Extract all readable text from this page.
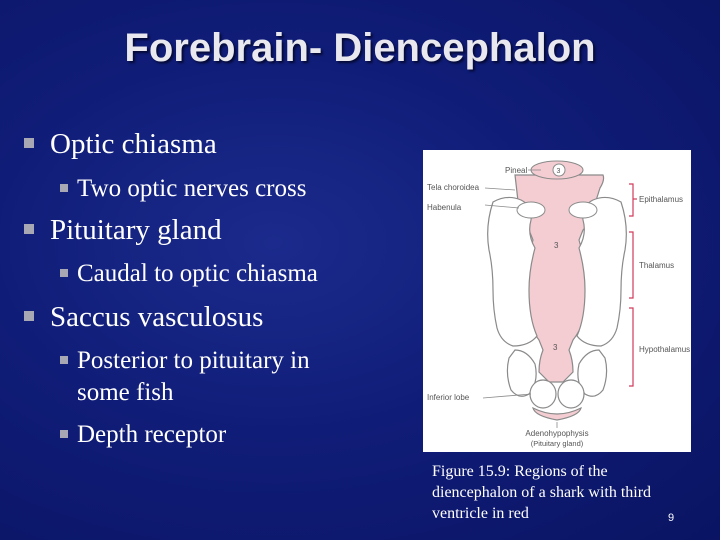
Forebrain- Diencephalon
Optic chiasma
Two optic nerves cross
Pituitary gland
Caudal to optic chiasma
Saccus vasculosus
Posterior to pituitary in
some fish
Depth receptor
Pineal
Tela choroidea
Habenula
Epithalamus
Thalamus
Hypothalamus
Inferior lobe
Adenohypophysis
(Pituitary gland)
3
3
3
Figure 15.9: Regions of the
diencephalon of a shark with third
ventricle in red	9
